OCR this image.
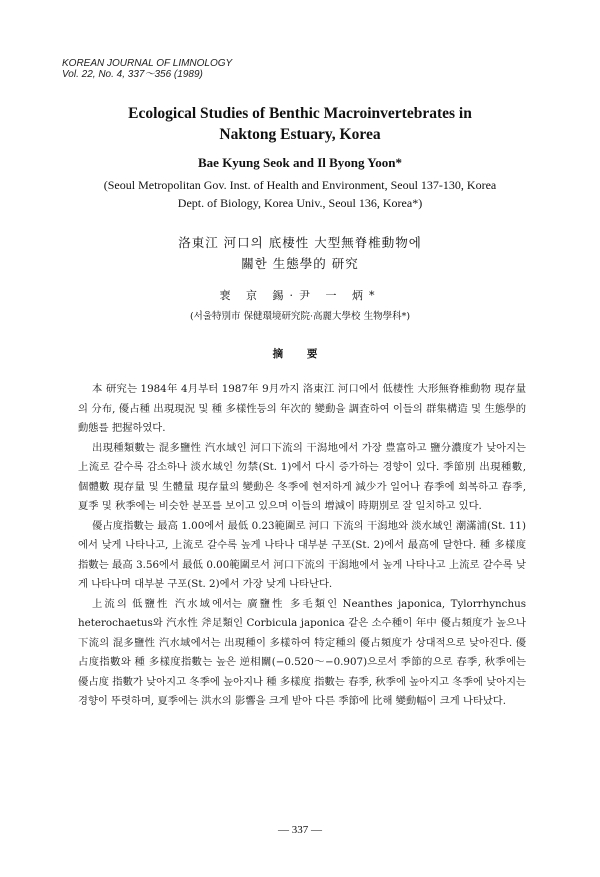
KOREAN JOURNAL OF LIMNOLOGY
Vol. 22, No. 4, 337～356 (1989)
Ecological Studies of Benthic Macroinvertebrates in
Naktong Estuary, Korea
Bae Kyung Seok and Il Byong Yoon*
(Seoul Metropolitan Gov. Inst. of Health and Environment, Seoul 137-130, Korea
Dept. of Biology, Korea Univ., Seoul 136, Korea*)
洛東江 河口의 底棲性 大型無脊椎動物에
關한 生態學的 研究
裵 京 錫·尹 一 炳*
(서울特別市 保健環境研究院·高麗大學校 生物學科*)
摘 要

本 研究는 1984年 4月부터 1987年 9月까지 洛東江 河口에서 低棲性 大形無脊椎動物 現存量의 分布, 優占種 出現現況 및 種 多樣性등의 年次的 變動을 調査하여 이들의 群集構造 및 生態學的 動態를 把握하였다.

出現種類數는 混多鹽性 汽水域인 河口下流의 干潟地에서 가장 豊富하고 鹽分濃度가 낮아지는 上流로 갈수록 감소하나 淡水域인 勿禁(St. 1)에서 다시 증가하는 경향이 있다. 季節別 出現種數, 個體數 現存量 및 生體量 現存量의 變動은 冬季에 현저하게 減少가 일어나 春季에 회복하고 春季, 夏季 및 秋季에는 비슷한 분포를 보이고 있으며 이들의 增減이 時期別로 잘 일치하고 있다.

優占度指數는 最高 1.00에서 最低 0.23範圍로 河口 下流의 干潟地와 淡水域인 潮滿浦(St. 11)에서 낮게 나타나고, 上流로 갈수록 높게 나타나 대부분 구포(St. 2)에서 最高에 달한다. 種 多樣度指數는 最高 3.56에서 最低 0.00範圍로서 河口下流의 干潟地에서 높게 나타나고 上流로 갈수록 낮게 나타나며 대부분 구포(St. 2)에서 가장 낮게 나타난다.

上流의 低鹽性 汽水域에서는 廣鹽性 多毛類인 Neanthes japonica, Tylorrhynchus heterochaetus와 汽水性 斧足類인 Corbicula japonica 같은 소수種이 年中 優占頻度가 높으나 下流의 混多鹽性 汽水域에서는 出現種이 多樣하여 特定種의 優占頻度가 상대적으로 낮아진다. 優占度指數와 種 多樣度指數는 높은 逆相關(−0.520～−0.907)으로서 季節的으로 春季, 秋季에는 優占度 指數가 낮아지고 冬季에 높아지나 種 多樣度 指數는 春季, 秋季에 높아지고 冬季에 낮아지는 경향이 뚜렷하며, 夏季에는 洪水의 影響을 크게 받아 다른 季節에 比해 變動幅이 크게 나타났다.

— 337 —
